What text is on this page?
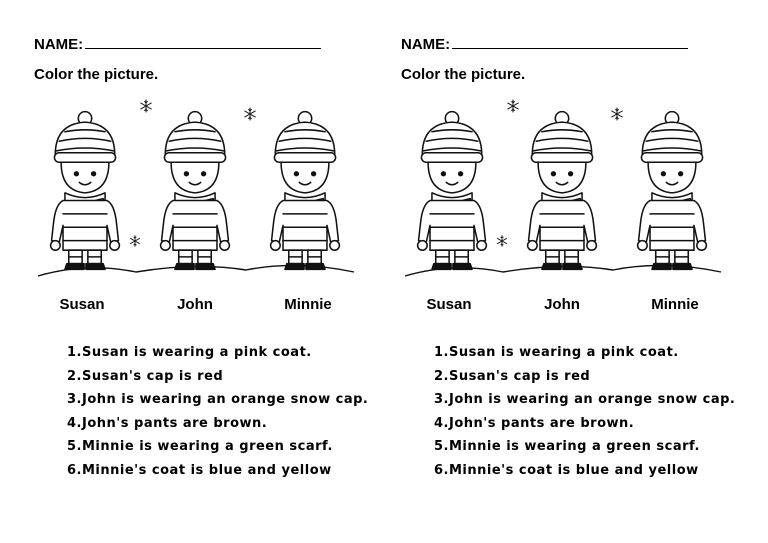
NAME:
Color the picture.
Susan	John	Minnie
1.Susan is wearing a pink coat.
2.Susan's cap is red
3.John is wearing an orange snow cap.
4.John's pants are brown.
5.Minnie is wearing a green scarf.
6.Minnie's coat is blue and yellow
NAME:
Color the picture.
Susan	John	Minnie
1.Susan is wearing a pink coat.
2.Susan's cap is red
3.John is wearing an orange snow cap.
4.John's pants are brown.
5.Minnie is wearing a green scarf.
6.Minnie's coat is blue and yellow
